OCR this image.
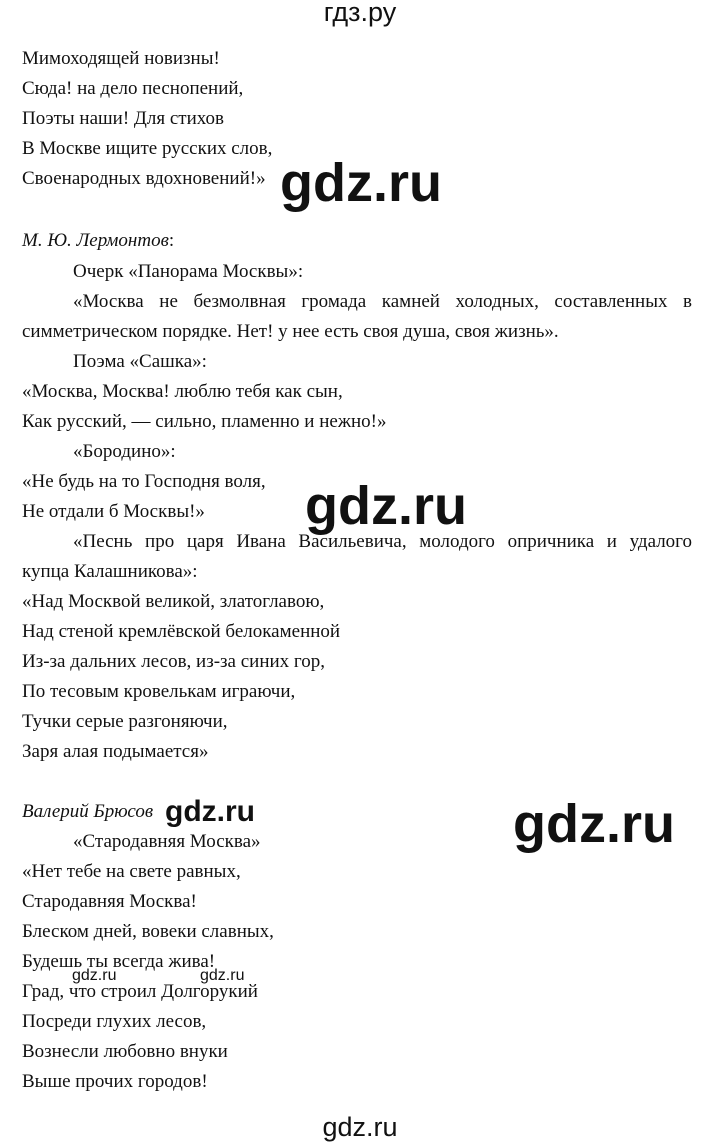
гдз.ру
Мимоходящей новизны!
Сюда! на дело песнопений,
Поэты наши! Для стихов
В Москве ищите русских слов,
Своенародных вдохновений!» gdz.ru
М. Ю. Лермонтов:
Очерк «Панорама Москвы»:
«Москва не безмолвная громада камней холодных, составленных в
симметрическом порядке. Нет! у нее есть своя душа, своя жизнь».
Поэма «Сашка»:
«Москва, Москва! люблю тебя как сын,
Как русский, — сильно, пламенно и нежно!»
«Бородино»:
«Не будь на то Господня воля,
Не отдали б Москвы!» gdz.ru
«Песнь про царя Ивана Васильевича, молодого опричника и удалого
купца Калашникова»:
«Над Москвой великой, златоглавою,
Над стеной кремлёвской белокаменной
Из-за дальних лесов, из-за синих гор,
По тесовым кровелькам играючи,
Тучки серые разгоняючи,
Заря алая подымается»
Валерий Брюсов gdz.ru	gdz.ru
«Стародавняя Москва»
«Нет тебе на свете равных,
Стародавняя Москва!
Блеском дней, вовеки славных,
Будешь ты всегда жива!
gdz.ru	gdz.ru
Град, что строил Долгорукий
Посреди глухих лесов,
Вознесли любовно внуки
Выше прочих городов!
gdz.ru
